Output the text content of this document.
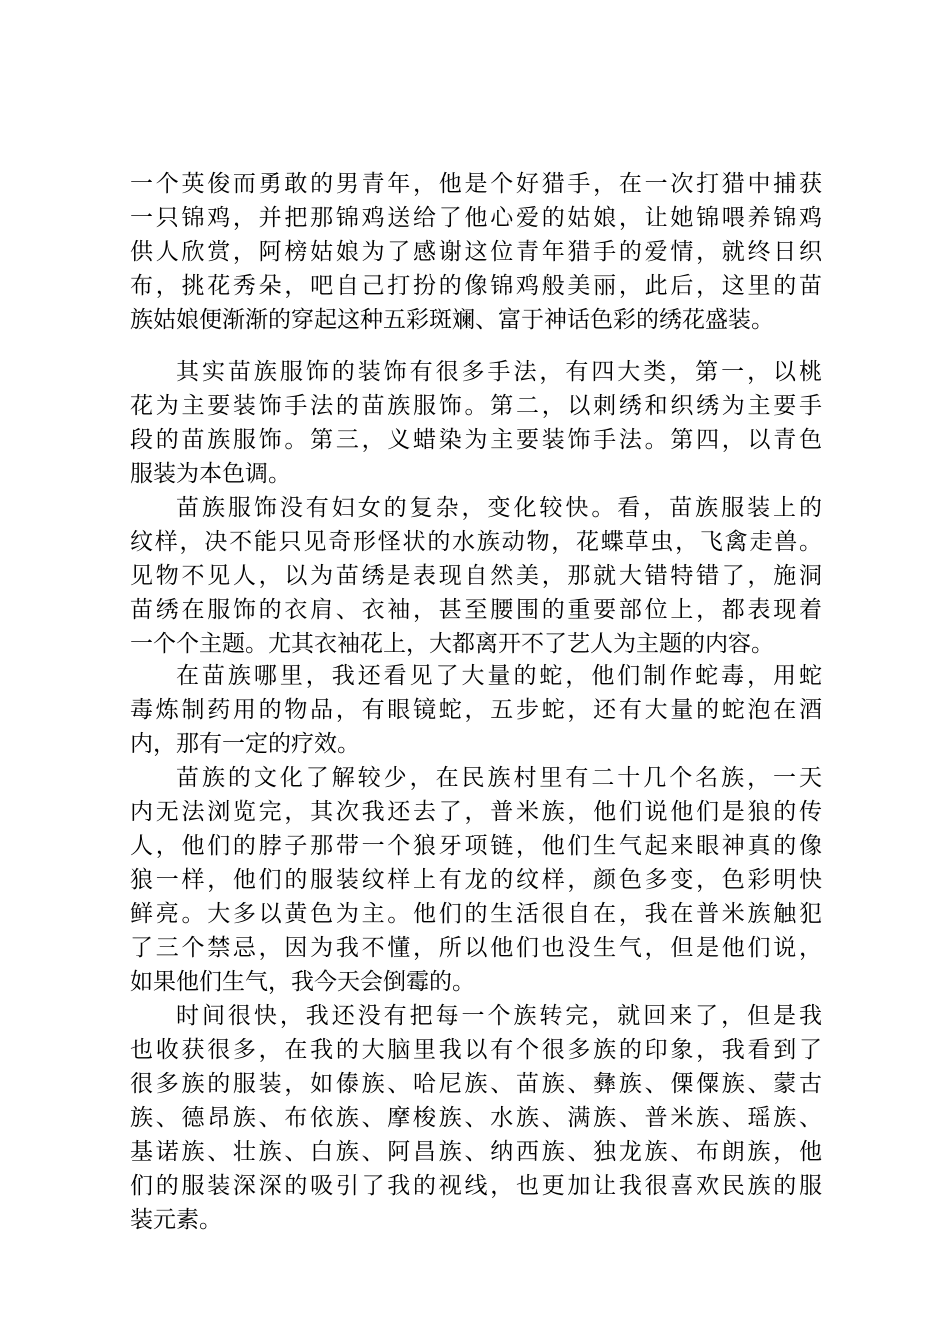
一个英俊而勇敢的男青年，他是个好猎手，在一次打猎中捕获
一只锦鸡，并把那锦鸡送给了他心爱的姑娘，让她锦喂养锦鸡
供人欣赏，阿榜姑娘为了感谢这位青年猎手的爱情，就终日织
布，挑花秀朵，吧自己打扮的像锦鸡般美丽，此后，这里的苗
族姑娘便渐渐的穿起这种五彩斑斓、富于神话色彩的绣花盛装。
其实苗族服饰的装饰有很多手法，有四大类，第一，以桃
花为主要装饰手法的苗族服饰。第二，以刺绣和织绣为主要手
段的苗族服饰。第三，义蜡染为主要装饰手法。第四，以青色
服装为本色调。
苗族服饰没有妇女的复杂，变化较快。看，苗族服装上的
纹样，决不能只见奇形怪状的水族动物，花蝶草虫，飞禽走兽。
见物不见人，以为苗绣是表现自然美，那就大错特错了，施洞
苗绣在服饰的衣肩、衣袖，甚至腰围的重要部位上，都表现着
一个个主题。尤其衣袖花上，大都离开不了艺人为主题的内容。
在苗族哪里，我还看见了大量的蛇，他们制作蛇毒，用蛇
毒炼制药用的物品，有眼镜蛇，五步蛇，还有大量的蛇泡在酒
内，那有一定的疗效。
苗族的文化了解较少，在民族村里有二十几个名族，一天
内无法浏览完，其次我还去了，普米族，他们说他们是狼的传
人，他们的脖子那带一个狼牙项链，他们生气起来眼神真的像
狼一样，他们的服装纹样上有龙的纹样，颜色多变，色彩明快
鲜亮。大多以黄色为主。他们的生活很自在，我在普米族触犯
了三个禁忌，因为我不懂，所以他们也没生气，但是他们说，
如果他们生气，我今天会倒霉的。
时间很快，我还没有把每一个族转完，就回来了，但是我
也收获很多，在我的大脑里我以有个很多族的印象，我看到了
很多族的服装，如傣族、哈尼族、苗族、彝族、傈僳族、蒙古
族、德昂族、布依族、摩梭族、水族、满族、普米族、瑶族、
基诺族、壮族、白族、阿昌族、纳西族、独龙族、布朗族，他
们的服装深深的吸引了我的视线，也更加让我很喜欢民族的服
装元素。
